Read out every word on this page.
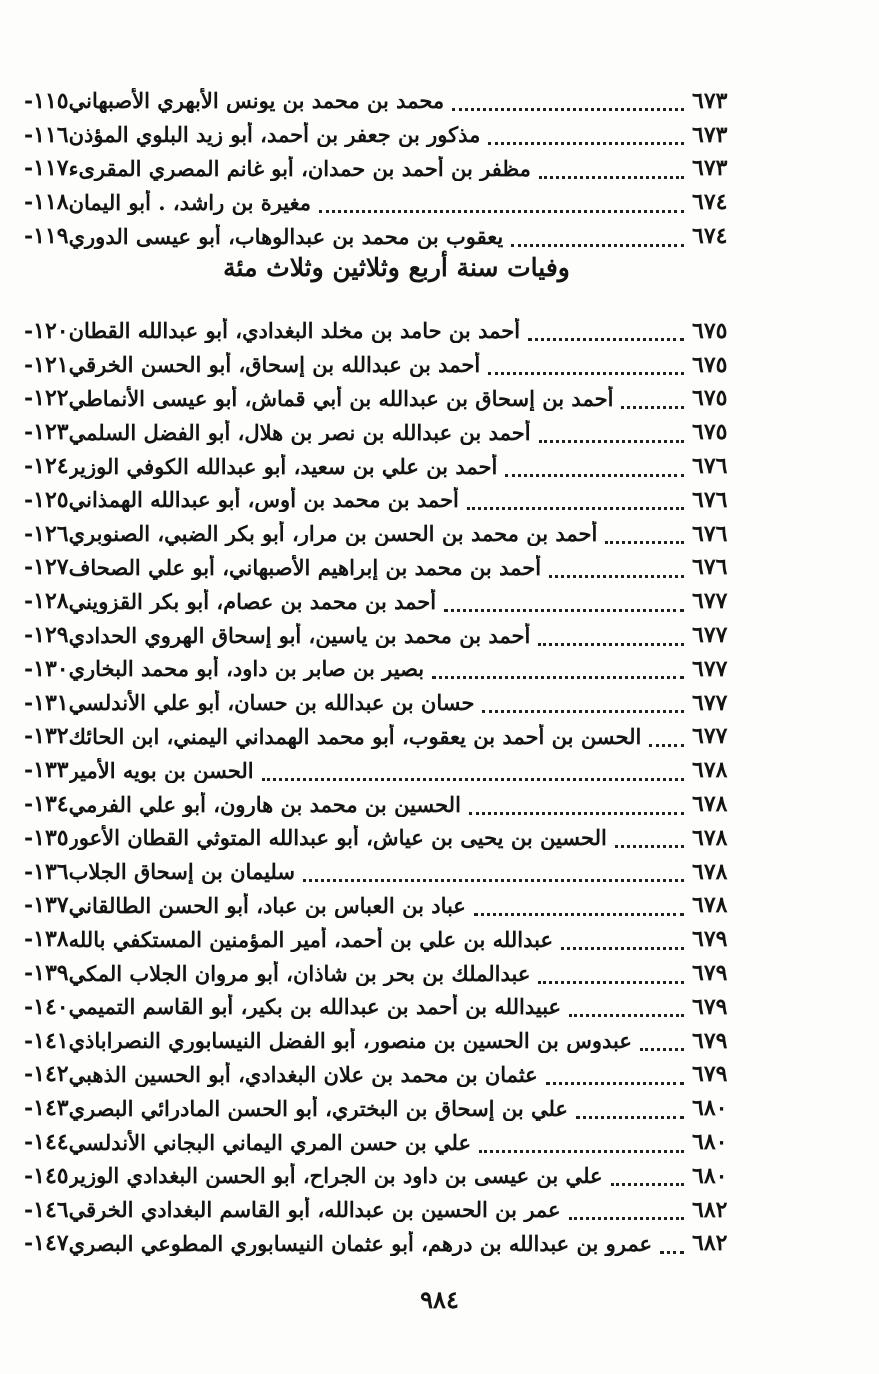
١١٥- محمد بن محمد بن يونس الأبهري الأصبهاني	٦٧٣
١١٦- مذكور بن جعفر بن أحمد، أبو زيد البلوي المؤذن	٦٧٣
١١٧- مظفر بن أحمد بن حمدان، أبو غانم المصري المقرىء	٦٧٣
١١٨- مغيرة بن راشد، . أبو اليمان	٦٧٤
١١٩- يعقوب بن محمد بن عبدالوهاب، أبو عيسى الدوري	٦٧٤
وفيات سنة أربع وثلاثين وثلاث مئة
١٢٠- أحمد بن حامد بن مخلد البغدادي، أبو عبدالله القطان	٦٧٥
١٢١- أحمد بن عبدالله بن إسحاق، أبو الحسن الخرقي	٦٧٥
١٢٢- أحمد بن إسحاق بن عبدالله بن أبي قماش، أبو عيسى الأنماطي	٦٧٥
١٢٣- أحمد بن عبدالله بن نصر بن هلال، أبو الفضل السلمي	٦٧٥
١٢٤- أحمد بن علي بن سعيد، أبو عبدالله الكوفي الوزير	٦٧٦
١٢٥- أحمد بن محمد بن أوس، أبو عبدالله الهمذاني	٦٧٦
١٢٦- أحمد بن محمد بن الحسن بن مرار، أبو بكر الضبي، الصنوبري	٦٧٦
١٢٧- أحمد بن محمد بن إبراهيم الأصبهاني، أبو علي الصحاف	٦٧٦
١٢٨- أحمد بن محمد بن عصام، أبو بكر القزويني	٦٧٧
١٢٩- أحمد بن محمد بن ياسين، أبو إسحاق الهروي الحدادي	٦٧٧
١٣٠- بصير بن صابر بن داود، أبو محمد البخاري	٦٧٧
١٣١- حسان بن عبدالله بن حسان، أبو علي الأندلسي	٦٧٧
١٣٢- الحسن بن أحمد بن يعقوب، أبو محمد الهمداني اليمني، ابن الحائك ٦٧٧
١٣٣- الحسن بن بويه الأمير	٦٧٨
١٣٤- الحسين بن محمد بن هارون، أبو علي الفرمي	٦٧٨
١٣٥- الحسين بن يحيى بن عياش، أبو عبدالله المتوثي القطان الأعور	٦٧٨
١٣٦- سليمان بن إسحاق الجلاب	٦٧٨
١٣٧- عباد بن العباس بن عباد، أبو الحسن الطالقاني	٦٧٨
١٣٨- عبدالله بن علي بن أحمد، أمير المؤمنين المستكفي بالله	٦٧٩
١٣٩- عبدالملك بن بحر بن شاذان، أبو مروان الجلاب المكي	٦٧٩
١٤٠- عبيدالله بن أحمد بن عبدالله بن بكير، أبو القاسم التميمي	٦٧٩
١٤١- عبدوس بن الحسين بن منصور، أبو الفضل النيسابوري النصراباذي	٦٧٩
١٤٢- عثمان بن محمد بن علان البغدادي، أبو الحسين الذهبي	٦٧٩
١٤٣- علي بن إسحاق بن البختري، أبو الحسن المادرائي البصري	٦٨٠
١٤٤- علي بن حسن المري اليماني البجاني الأندلسي	٦٨٠
١٤٥- علي بن عيسى بن داود بن الجراح، أبو الحسن البغدادي الوزير	٦٨٠
١٤٦- عمر بن الحسين بن عبدالله، أبو القاسم البغدادي الخرقي	٦٨٢
١٤٧- عمرو بن عبدالله بن درهم، أبو عثمان النيسابوري المطوعي البصري ٦٨٢
٩٨٤
